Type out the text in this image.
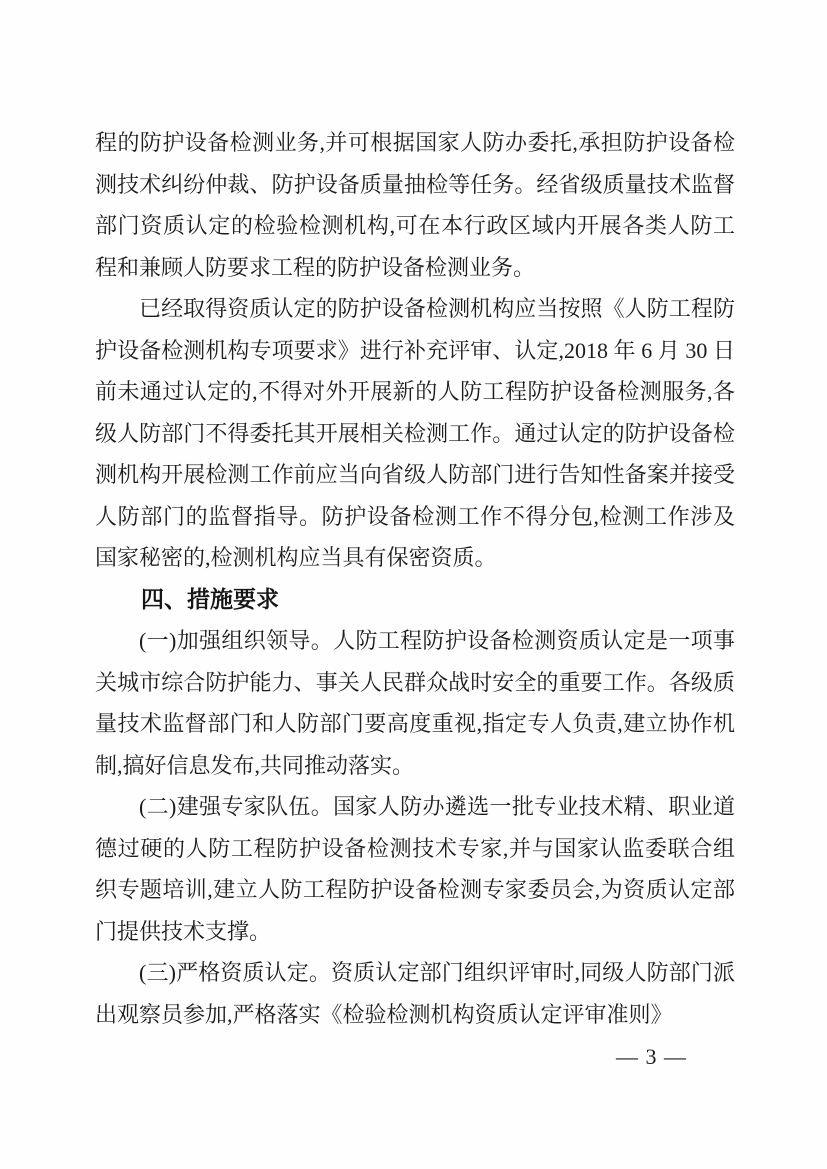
程的防护设备检测业务,并可根据国家人防办委托,承担防护设备检测技术纠纷仲裁、防护设备质量抽检等任务。经省级质量技术监督部门资质认定的检验检测机构,可在本行政区域内开展各类人防工程和兼顾人防要求工程的防护设备检测业务。

已经取得资质认定的防护设备检测机构应当按照《人防工程防护设备检测机构专项要求》进行补充评审、认定,2018 年 6 月 30 日前未通过认定的,不得对外开展新的人防工程防护设备检测服务,各级人防部门不得委托其开展相关检测工作。通过认定的防护设备检测机构开展检测工作前应当向省级人防部门进行告知性备案并接受人防部门的监督指导。防护设备检测工作不得分包,检测工作涉及国家秘密的,检测机构应当具有保密资质。

四、措施要求

(一)加强组织领导。人防工程防护设备检测资质认定是一项事关城市综合防护能力、事关人民群众战时安全的重要工作。各级质量技术监督部门和人防部门要高度重视,指定专人负责,建立协作机制,搞好信息发布,共同推动落实。

(二)建强专家队伍。国家人防办遴选一批专业技术精、职业道德过硬的人防工程防护设备检测技术专家,并与国家认监委联合组织专题培训,建立人防工程防护设备检测专家委员会,为资质认定部门提供技术支撑。

(三)严格资质认定。资质认定部门组织评审时,同级人防部门派出观察员参加,严格落实《检验检测机构资质认定评审准则》

— 3 —
